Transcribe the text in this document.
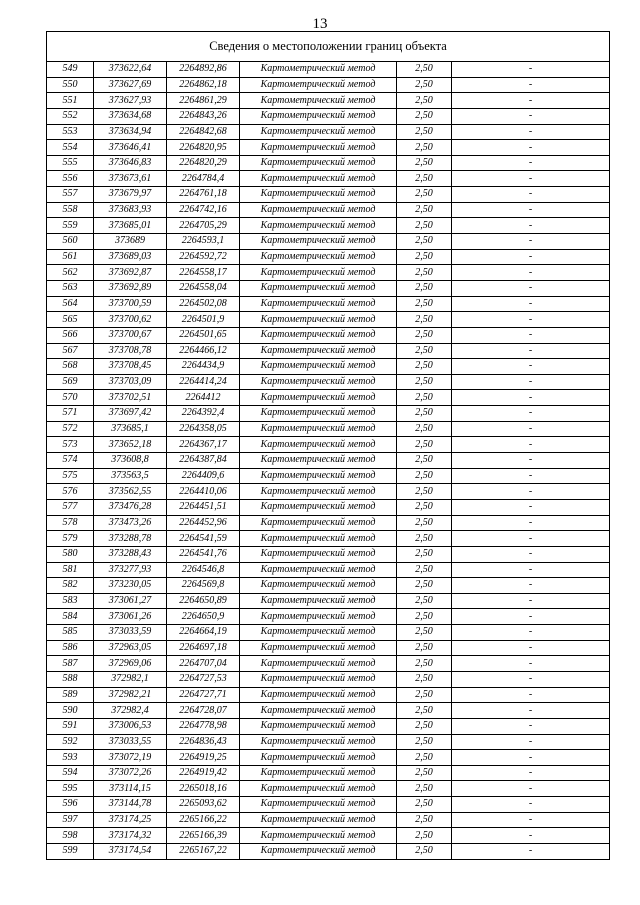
13
Сведения о местоположении границ объекта					
549	373622,64	2264892,86	Картометрический метод	2,50	-
550	373627,69	2264862,18	Картометрический метод	2,50	-
551	373627,93	2264861,29	Картометрический метод	2,50	-
552	373634,68	2264843,26	Картометрический метод	2,50	-
553	373634,94	2264842,68	Картометрический метод	2,50	-
554	373646,41	2264820,95	Картометрический метод	2,50	-
555	373646,83	2264820,29	Картометрический метод	2,50	-
556	373673,61	2264784,4	Картометрический метод	2,50	-
557	373679,97	2264761,18	Картометрический метод	2,50	-
558	373683,93	2264742,16	Картометрический метод	2,50	-
559	373685,01	2264705,29	Картометрический метод	2,50	-
560	373689	2264593,1	Картометрический метод	2,50	-
561	373689,03	2264592,72	Картометрический метод	2,50	-
562	373692,87	2264558,17	Картометрический метод	2,50	-
563	373692,89	2264558,04	Картометрический метод	2,50	-
564	373700,59	2264502,08	Картометрический метод	2,50	-
565	373700,62	2264501,9	Картометрический метод	2,50	-
566	373700,67	2264501,65	Картометрический метод	2,50	-
567	373708,78	2264466,12	Картометрический метод	2,50	-
568	373708,45	2264434,9	Картометрический метод	2,50	-
569	373703,09	2264414,24	Картометрический метод	2,50	-
570	373702,51	2264412	Картометрический метод	2,50	-
571	373697,42	2264392,4	Картометрический метод	2,50	-
572	373685,1	2264358,05	Картометрический метод	2,50	-
573	373652,18	2264367,17	Картометрический метод	2,50	-
574	373608,8	2264387,84	Картометрический метод	2,50	-
575	373563,5	2264409,6	Картометрический метод	2,50	-
576	373562,55	2264410,06	Картометрический метод	2,50	-
577	373476,28	2264451,51	Картометрический метод	2,50	-
578	373473,26	2264452,96	Картометрический метод	2,50	-
579	373288,78	2264541,59	Картометрический метод	2,50	-
580	373288,43	2264541,76	Картометрический метод	2,50	-
581	373277,93	2264546,8	Картометрический метод	2,50	-
582	373230,05	2264569,8	Картометрический метод	2,50	-
583	373061,27	2264650,89	Картометрический метод	2,50	-
584	373061,26	2264650,9	Картометрический метод	2,50	-
585	373033,59	2264664,19	Картометрический метод	2,50	-
586	372963,05	2264697,18	Картометрический метод	2,50	-
587	372969,06	2264707,04	Картометрический метод	2,50	-
588	372982,1	2264727,53	Картометрический метод	2,50	-
589	372982,21	2264727,71	Картометрический метод	2,50	-
590	372982,4	2264728,07	Картометрический метод	2,50	-
591	373006,53	2264778,98	Картометрический метод	2,50	-
592	373033,55	2264836,43	Картометрический метод	2,50	-
593	373072,19	2264919,25	Картометрический метод	2,50	-
594	373072,26	2264919,42	Картометрический метод	2,50	-
595	373114,15	2265018,16	Картометрический метод	2,50	-
596	373144,78	2265093,62	Картометрический метод	2,50	-
597	373174,25	2265166,22	Картометрический метод	2,50	-
598	373174,32	2265166,39	Картометрический метод	2,50	-
599	373174,54	2265167,22	Картометрический метод	2,50	-
